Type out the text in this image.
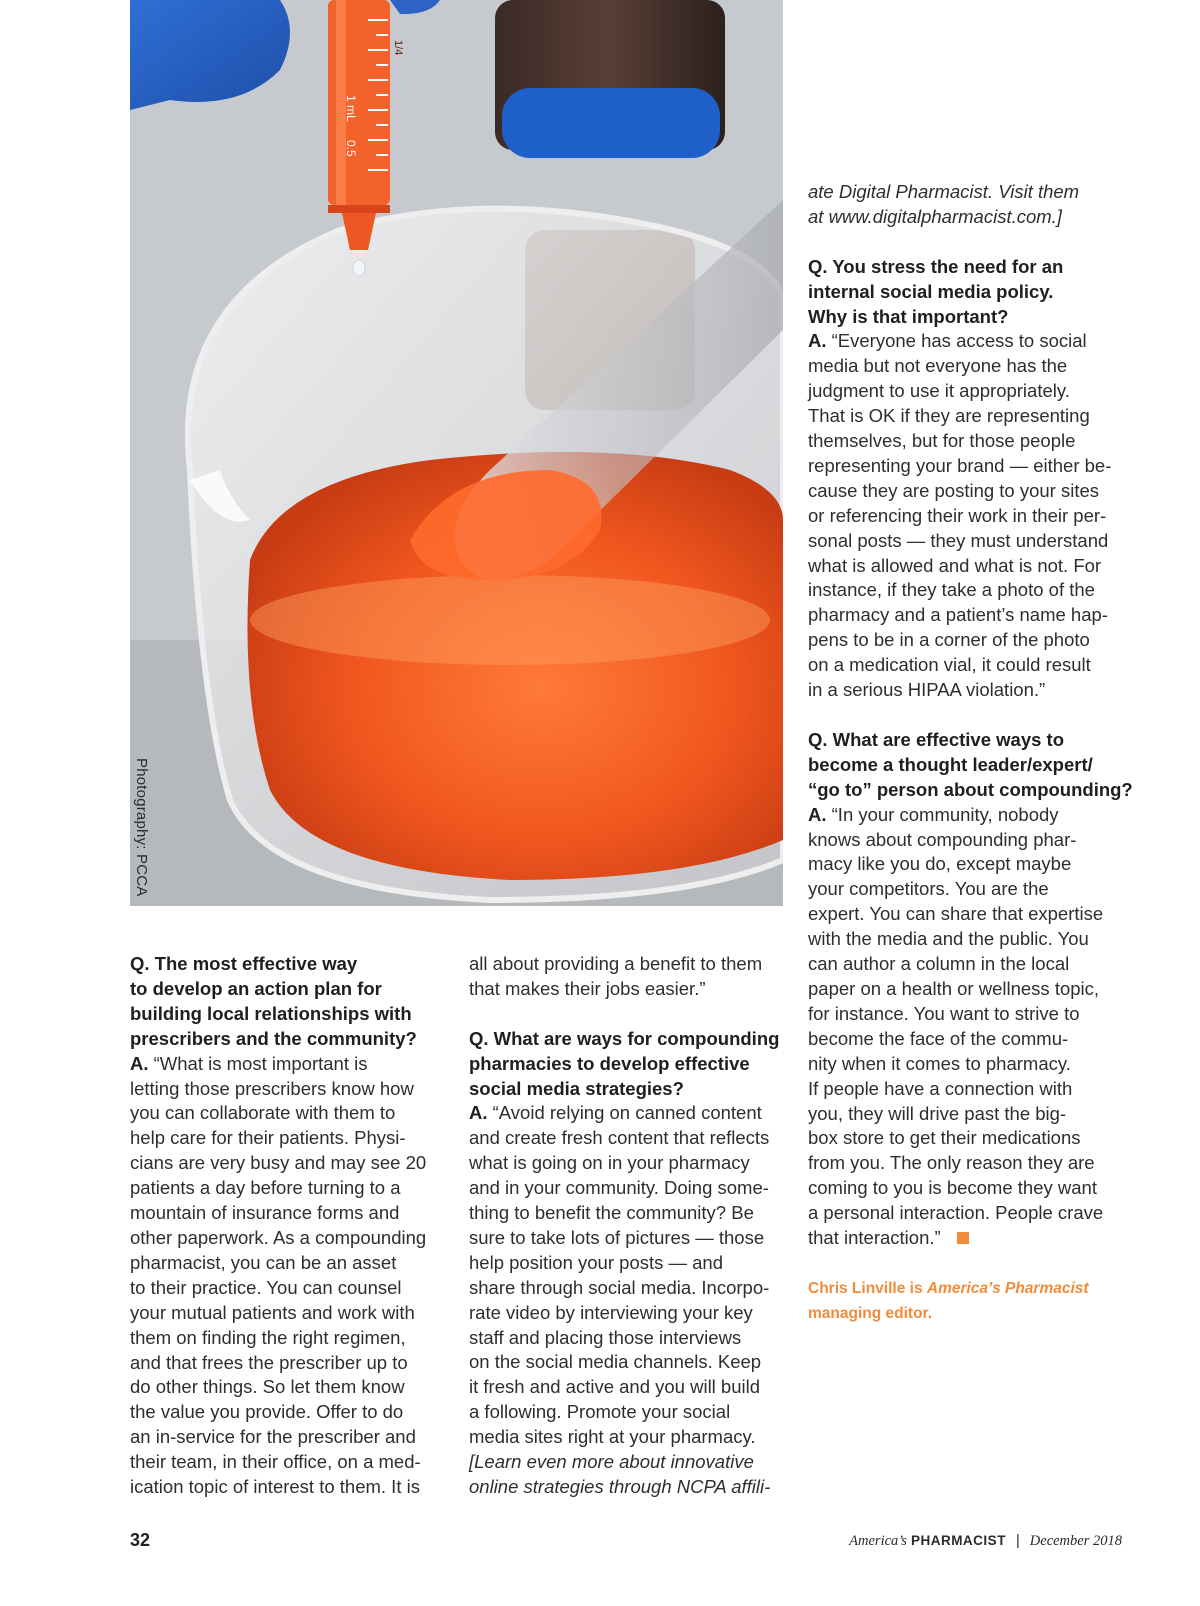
1 mL
1/4
0.5
Photography: PCCA

Q. The most effective way
to develop an action plan for
building local relationships with
prescribers and the community?
A. “What is most important is
letting those prescribers know how
you can collaborate with them to
help care for their patients. Physi-
cians are very busy and may see 20
patients a day before turning to a
mountain of insurance forms and
other paperwork. As a compounding
pharmacist, you can be an asset
to their practice. You can counsel
your mutual patients and work with
them on finding the right regimen,
and that frees the prescriber up to
do other things. So let them know
the value you provide. Offer to do
an in-service for the prescriber and
their team, in their office, on a med-
ication topic of interest to them. It is

all about providing a benefit to them
that makes their jobs easier.”

Q. What are ways for compounding
pharmacies to develop effective
social media strategies?
A. “Avoid relying on canned content
and create fresh content that reflects
what is going on in your pharmacy
and in your community. Doing some-
thing to benefit the community? Be
sure to take lots of pictures — those
help position your posts — and
share through social media. Incorpo-
rate video by interviewing your key
staff and placing those interviews
on the social media channels. Keep
it fresh and active and you will build
a following. Promote your social
media sites right at your pharmacy.
[Learn even more about innovative
online strategies through NCPA affili-

ate Digital Pharmacist. Visit them
at www.digitalpharmacist.com.]

Q. You stress the need for an
internal social media policy.
Why is that important?
A. “Everyone has access to social
media but not everyone has the
judgment to use it appropriately.
That is OK if they are representing
themselves, but for those people
representing your brand — either be-
cause they are posting to your sites
or referencing their work in their per-
sonal posts — they must understand
what is allowed and what is not. For
instance, if they take a photo of the
pharmacy and a patient’s name hap-
pens to be in a corner of the photo
on a medication vial, it could result
in a serious HIPAA violation.”

Q. What are effective ways to
become a thought leader/expert/
“go to” person about compounding?
A. “In your community, nobody
knows about compounding phar-
macy like you do, except maybe
your competitors. You are the
expert. You can share that expertise
with the media and the public. You
can author a column in the local
paper on a health or wellness topic,
for instance. You want to strive to
become the face of the commu-
nity when it comes to pharmacy.
If people have a connection with
you, they will drive past the big-
box store to get their medications
from you. The only reason they are
coming to you is become they want
a personal interaction. People crave
that interaction.”

Chris Linville is America’s Pharmacist
managing editor.
32	America’s PHARMACIST | December 2018
